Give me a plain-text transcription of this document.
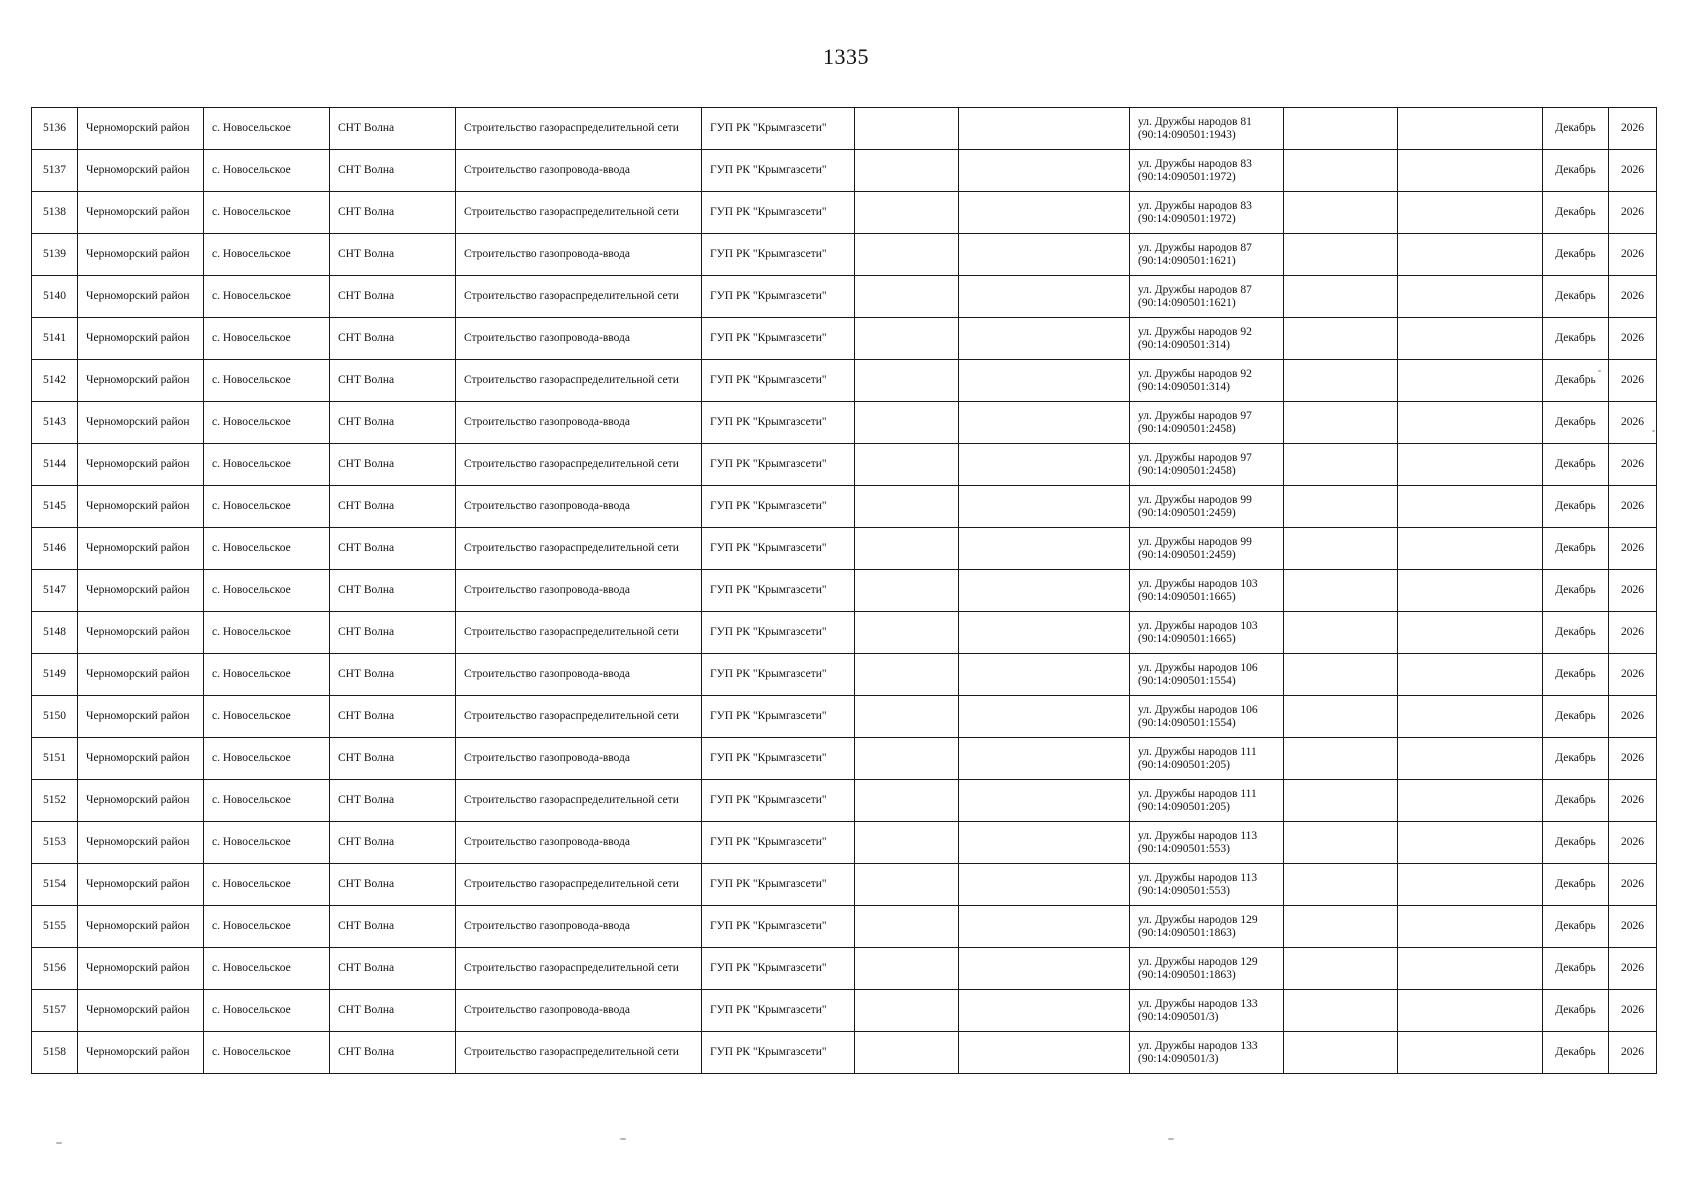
1335
5136	Черноморский район	с. Новосельское	СНТ Волна	Строительство газораспределительной сети	ГУП РК "Крымгазсети"			ул. Дружбы народов 81
(90:14:090501:1943)			Декабрь	2026
5137	Черноморский район	с. Новосельское	СНТ Волна	Строительство газопровода-ввода	ГУП РК "Крымгазсети"			ул. Дружбы народов 83
(90:14:090501:1972)			Декабрь	2026
5138	Черноморский район	с. Новосельское	СНТ Волна	Строительство газораспределительной сети	ГУП РК "Крымгазсети"			ул. Дружбы народов 83
(90:14:090501:1972)			Декабрь	2026
5139	Черноморский район	с. Новосельское	СНТ Волна	Строительство газопровода-ввода	ГУП РК "Крымгазсети"			ул. Дружбы народов 87
(90:14:090501:1621)			Декабрь	2026
5140	Черноморский район	с. Новосельское	СНТ Волна	Строительство газораспределительной сети	ГУП РК "Крымгазсети"			ул. Дружбы народов 87
(90:14:090501:1621)			Декабрь	2026
5141	Черноморский район	с. Новосельское	СНТ Волна	Строительство газопровода-ввода	ГУП РК "Крымгазсети"			ул. Дружбы народов 92
(90:14:090501:314)			Декабрь	2026
5142	Черноморский район	с. Новосельское	СНТ Волна	Строительство газораспределительной сети	ГУП РК "Крымгазсети"			ул. Дружбы народов 92
(90:14:090501:314)			Декабрь	2026
5143	Черноморский район	с. Новосельское	СНТ Волна	Строительство газопровода-ввода	ГУП РК "Крымгазсети"			ул. Дружбы народов 97
(90:14:090501:2458)			Декабрь	2026
5144	Черноморский район	с. Новосельское	СНТ Волна	Строительство газораспределительной сети	ГУП РК "Крымгазсети"			ул. Дружбы народов 97
(90:14:090501:2458)			Декабрь	2026
5145	Черноморский район	с. Новосельское	СНТ Волна	Строительство газопровода-ввода	ГУП РК "Крымгазсети"			ул. Дружбы народов 99
(90:14:090501:2459)			Декабрь	2026
5146	Черноморский район	с. Новосельское	СНТ Волна	Строительство газораспределительной сети	ГУП РК "Крымгазсети"			ул. Дружбы народов 99
(90:14:090501:2459)			Декабрь	2026
5147	Черноморский район	с. Новосельское	СНТ Волна	Строительство газопровода-ввода	ГУП РК "Крымгазсети"			ул. Дружбы народов 103
(90:14:090501:1665)			Декабрь	2026
5148	Черноморский район	с. Новосельское	СНТ Волна	Строительство газораспределительной сети	ГУП РК "Крымгазсети"			ул. Дружбы народов 103
(90:14:090501:1665)			Декабрь	2026
5149	Черноморский район	с. Новосельское	СНТ Волна	Строительство газопровода-ввода	ГУП РК "Крымгазсети"			ул. Дружбы народов 106
(90:14:090501:1554)			Декабрь	2026
5150	Черноморский район	с. Новосельское	СНТ Волна	Строительство газораспределительной сети	ГУП РК "Крымгазсети"			ул. Дружбы народов 106
(90:14:090501:1554)			Декабрь	2026
5151	Черноморский район	с. Новосельское	СНТ Волна	Строительство газопровода-ввода	ГУП РК "Крымгазсети"			ул. Дружбы народов 111
(90:14:090501:205)			Декабрь	2026
5152	Черноморский район	с. Новосельское	СНТ Волна	Строительство газораспределительной сети	ГУП РК "Крымгазсети"			ул. Дружбы народов 111
(90:14:090501:205)			Декабрь	2026
5153	Черноморский район	с. Новосельское	СНТ Волна	Строительство газопровода-ввода	ГУП РК "Крымгазсети"			ул. Дружбы народов 113
(90:14:090501:553)			Декабрь	2026
5154	Черноморский район	с. Новосельское	СНТ Волна	Строительство газораспределительной сети	ГУП РК "Крымгазсети"			ул. Дружбы народов 113
(90:14:090501:553)			Декабрь	2026
5155	Черноморский район	с. Новосельское	СНТ Волна	Строительство газопровода-ввода	ГУП РК "Крымгазсети"			ул. Дружбы народов 129
(90:14:090501:1863)			Декабрь	2026
5156	Черноморский район	с. Новосельское	СНТ Волна	Строительство газораспределительной сети	ГУП РК "Крымгазсети"			ул. Дружбы народов 129
(90:14:090501:1863)			Декабрь	2026
5157	Черноморский район	с. Новосельское	СНТ Волна	Строительство газопровода-ввода	ГУП РК "Крымгазсети"			ул. Дружбы народов 133
(90:14:090501/3)			Декабрь	2026
5158	Черноморский район	с. Новосельское	СНТ Волна	Строительство газораспределительной сети	ГУП РК "Крымгазсети"			ул. Дружбы народов 133
(90:14:090501/3)			Декабрь	2026
